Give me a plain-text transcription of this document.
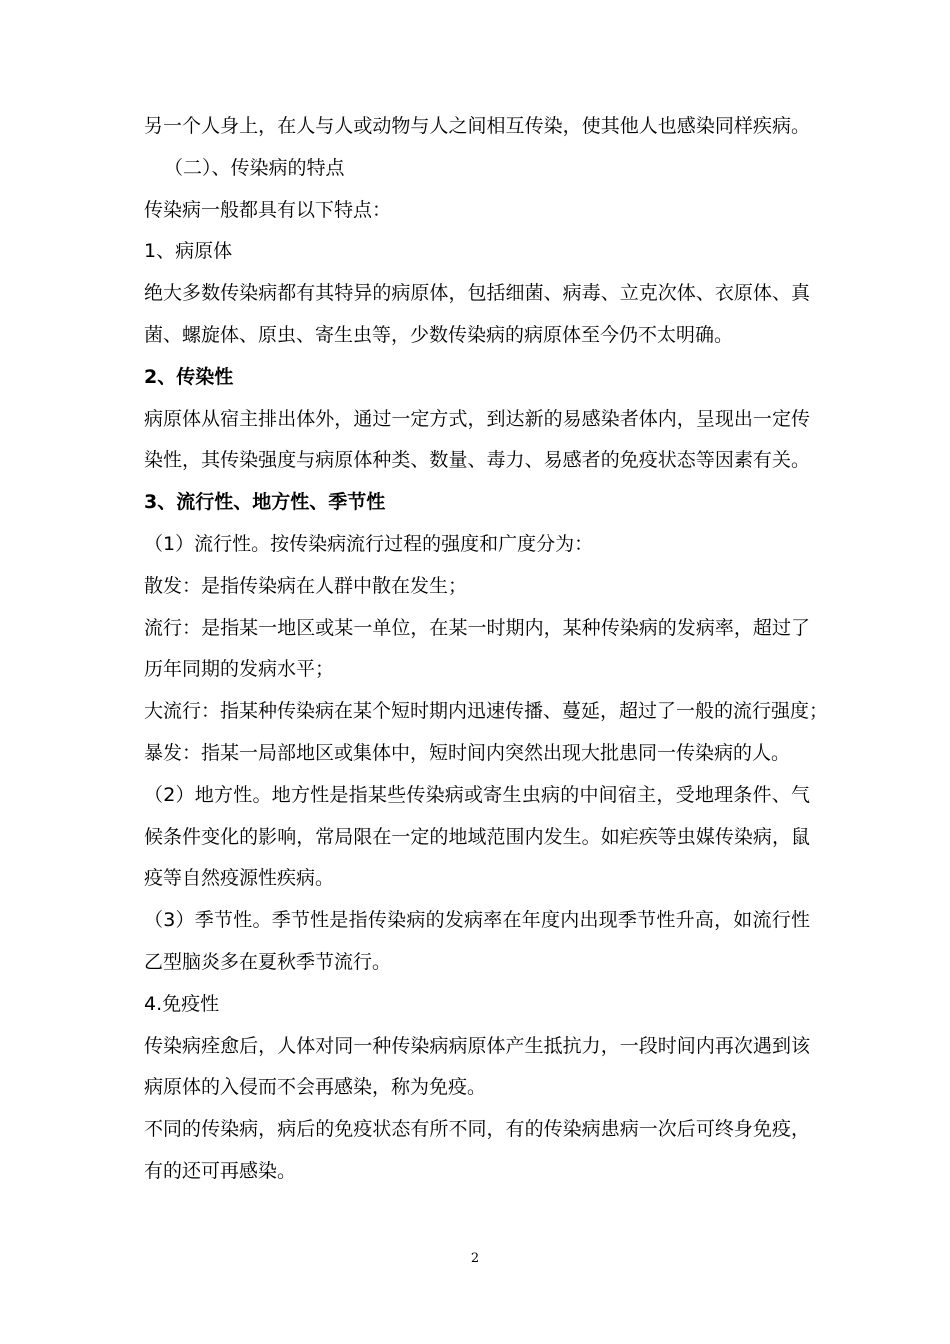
另一个人身上，在人与人或动物与人之间相互传染，使其他人也感染同样疾病。
（二）、传染病的特点
传染病一般都具有以下特点：
1、病原体
绝大多数传染病都有其特异的病原体，包括细菌、病毒、立克次体、衣原体、真
菌、螺旋体、原虫、寄生虫等，少数传染病的病原体至今仍不太明确。
2、传染性
病原体从宿主排出体外，通过一定方式，到达新的易感染者体内，呈现出一定传
染性，其传染强度与病原体种类、数量、毒力、易感者的免疫状态等因素有关。
3、流行性、地方性、季节性
（1）流行性。按传染病流行过程的强度和广度分为：
散发：是指传染病在人群中散在发生；
流行：是指某一地区或某一单位，在某一时期内，某种传染病的发病率，超过了
历年同期的发病水平；
大流行：指某种传染病在某个短时期内迅速传播、蔓延，超过了一般的流行强度；
暴发：指某一局部地区或集体中，短时间内突然出现大批患同一传染病的人。
（2）地方性。地方性是指某些传染病或寄生虫病的中间宿主，受地理条件、气
候条件变化的影响，常局限在一定的地域范围内发生。如疟疾等虫媒传染病，鼠
疫等自然疫源性疾病。
（3）季节性。季节性是指传染病的发病率在年度内出现季节性升高，如流行性
乙型脑炎多在夏秋季节流行。
4.免疫性
传染病痊愈后，人体对同一种传染病病原体产生抵抗力，一段时间内再次遇到该
病原体的入侵而不会再感染，称为免疫。
不同的传染病，病后的免疫状态有所不同，有的传染病患病一次后可终身免疫，
有的还可再感染。
2
